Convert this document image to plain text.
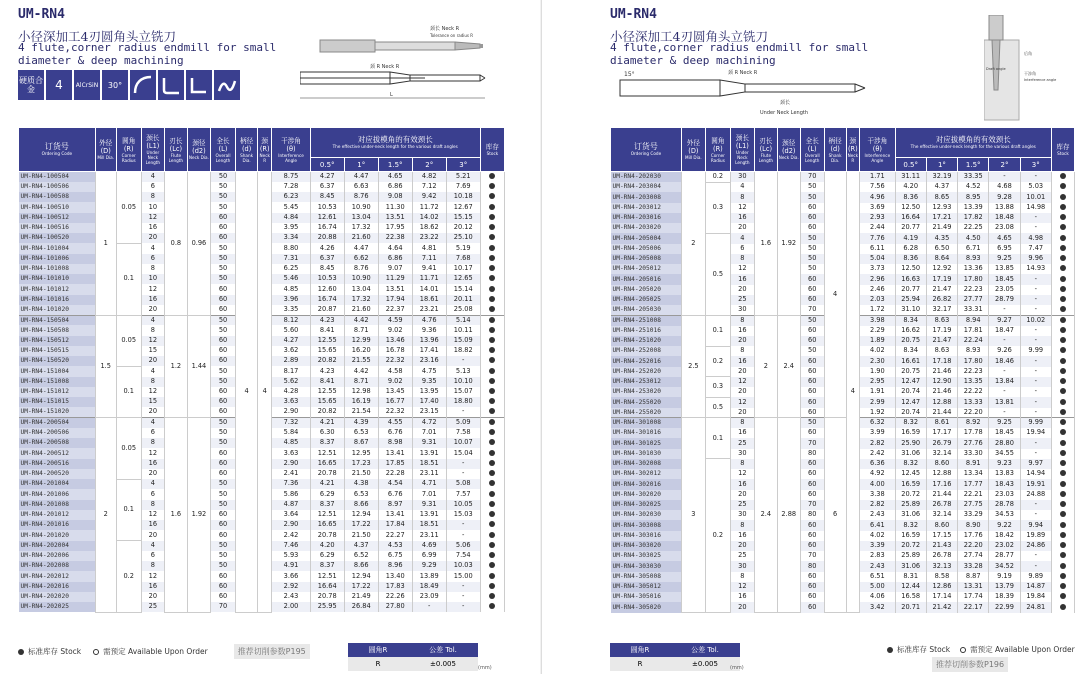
UM-RN4
小径深加工4刃圆角头立铣刀
4 flute,corner radius endmill for small
diameter & deep machining
硬质合金	4	AlCrSiN	30°
颈 R Neck R
颈长 Neck R
Tolerance on radius R
L
订货号
Ordering Code	外径
(D)
Mill Dia.	圆角
(R)
Corner Radius	颈长
(L1)
Under Neck Length	刃长
(Lc)
Flute Length	颈径
(d2)
Neck Dia.	全长
(L)
Overall Length	柄径
(d)
Shank Dia.	颈
(R)
Neck R	干涉角
(θ)
Interference Angle	对应拔模角的有效颈长
The effective under-neck length for the various draft angles					库存
Stock

										0.5°	1°	1.5°	2°	3°	
UM-RN4-100504	1	0.05	4	0.8	0.96	50	4	4	8.75	4.27	4.47	4.65	4.82	5.21	
UM-RN4-100506			6			50			7.28	6.37	6.63	6.86	7.12	7.69	
UM-RN4-100508			8			50			6.23	8.45	8.76	9.08	9.42	10.18	
UM-RN4-100510			10			50			5.45	10.53	10.90	11.30	11.72	12.67	
UM-RN4-100512			12			60			4.84	12.61	13.04	13.51	14.02	15.15	
UM-RN4-100516			16			60			3.95	16.74	17.32	17.95	18.62	20.12	
UM-RN4-100520			20			60			3.34	20.88	21.60	22.38	23.22	25.10	
UM-RN4-101004		0.1	4			50			8.80	4.26	4.47	4.64	4.81	5.19	
UM-RN4-101006			6			50			7.31	6.37	6.62	6.86	7.11	7.68	
UM-RN4-101008			8			50			6.25	8.45	8.76	9.07	9.41	10.17	
UM-RN4-101010			10			50			5.46	10.53	10.90	11.29	11.71	12.65	
UM-RN4-101012			12			60			4.85	12.60	13.04	13.51	14.01	15.14	
UM-RN4-101016			16			60			3.96	16.74	17.32	17.94	18.61	20.11	
UM-RN4-101020			20			60			3.35	20.87	21.60	22.37	23.21	25.08	
UM-RN4-150504	1.5	0.05	4	1.2	1.44	50			8.12	4.23	4.42	4.59	4.76	5.14	
UM-RN4-150508			8			50			5.60	8.41	8.71	9.02	9.36	10.11	
UM-RN4-150512			12			60			4.27	12.55	12.99	13.46	13.96	15.09	
UM-RN4-150515			15			60			3.62	15.65	16.20	16.78	17.41	18.82	
UM-RN4-150520			20			60			2.89	20.82	21.55	22.32	23.16	-	
UM-RN4-151004		0.1	4			50			8.17	4.23	4.42	4.58	4.75	5.13	
UM-RN4-151008			8			50			5.62	8.41	8.71	9.02	9.35	10.10	
UM-RN4-151012			12			60			4.28	12.55	12.98	13.45	13.95	15.07	
UM-RN4-151015			15			60			3.63	15.65	16.19	16.77	17.40	18.80	
UM-RN4-151020			20			60			2.90	20.82	21.54	22.32	23.15	-	
UM-RN4-200504	2	0.05	4	1.6	1.92	50			7.32	4.21	4.39	4.55	4.72	5.09	
UM-RN4-200506			6			50			5.84	6.30	6.53	6.76	7.01	7.58	
UM-RN4-200508			8			50			4.85	8.37	8.67	8.98	9.31	10.07	
UM-RN4-200512			12			60			3.63	12.51	12.95	13.41	13.91	15.04	
UM-RN4-200516			16			60			2.90	16.65	17.23	17.85	18.51	-	
UM-RN4-200520			20			60			2.41	20.78	21.50	22.28	23.11	-	
UM-RN4-201004		0.1	4			50			7.36	4.21	4.38	4.54	4.71	5.08	
UM-RN4-201006			6			50			5.86	6.29	6.53	6.76	7.01	7.57	
UM-RN4-201008			8			50			4.87	8.37	8.66	8.97	9.31	10.05	
UM-RN4-201012			12			60			3.64	12.51	12.94	13.41	13.91	15.03	
UM-RN4-201016			16			60			2.90	16.65	17.22	17.84	18.51	-	
UM-RN4-201020			20			60			2.42	20.78	21.50	22.27	23.11	-	
UM-RN4-202004		0.2	4			50			7.46	4.20	4.37	4.53	4.69	5.06	
UM-RN4-202006			6			50			5.93	6.29	6.52	6.75	6.99	7.54	
UM-RN4-202008			8			50			4.91	8.37	8.66	8.96	9.29	10.03	
UM-RN4-202012			12			60			3.66	12.51	12.94	13.40	13.89	15.00	
UM-RN4-202016			16			60			2.92	16.64	17.22	17.83	18.49	-	
UM-RN4-202020			20			60			2.43	20.78	21.49	22.26	23.09	-	
UM-RN4-202025			25			70			2.00	25.95	26.84	27.80	-	-	
标准库存 Stock	需预定 Available Upon Order	推荐切削参数P195	圆角R	公差 Tol.
R	±0.005	(mm)
UM-RN4
小径深加工4刃圆角头立铣刀
4 flute,corner radius endmill for small
diameter & deep machining
15°	颈 R Neck R
颈长
Under Neck Length
后角
干涉角
Interference angle
Draft angle
订货号
Ordering Code	外径
(D)
Mill Dia.	圆角
(R)
Corner Radius	颈长
(L1)
Under Neck Length	刃长
(Lc)
Flute Length	颈径
(d2)
Neck Dia.	全长
(L)
Overall Length	柄径
(d)
Shank Dia.	颈
(R)
Neck R	干涉角
(θ)
Interference Angle	对应拔模角的有效颈长
The effective under-neck length for the various draft angles					库存
Stock

										0.5°	1°	1.5°	2°	3°	
UM-RN4-202030	2	0.2	30	1.6	1.92	70	4	4	1.71	31.11	32.19	33.35	-	-	
UM-RN4-203004		0.3	4			50			7.56	4.20	4.37	4.52	4.68	5.03	
UM-RN4-203008			8			50			4.96	8.36	8.65	8.95	9.28	10.01	
UM-RN4-203012			12			60			3.69	12.50	12.93	13.39	13.88	14.98	
UM-RN4-203016			16			60			2.93	16.64	17.21	17.82	18.48	-	
UM-RN4-203020			20			60			2.44	20.77	21.49	22.25	23.08	-	
UM-RN4-205004		0.5	4			50			7.76	4.19	4.35	4.50	4.65	4.98	
UM-RN4-205006			6			50			6.11	6.28	6.50	6.71	6.95	7.47	
UM-RN4-205008			8			50			5.04	8.36	8.64	8.93	9.25	9.96	
UM-RN4-205012			12			50			3.73	12.50	12.92	13.36	13.85	14.93	
UM-RN4-205016			16			60			2.96	16.63	17.19	17.80	18.45	-	
UM-RN4-205020			20			60			2.46	20.77	21.47	22.23	23.05	-	
UM-RN4-205025			25			60			2.03	25.94	26.82	27.77	28.79	-	
UM-RN4-205030			30			70			1.72	31.10	32.17	33.31	-	-	
UM-RN4-251008	2.5	0.1	8	2	2.4	50			3.98	8.34	8.63	8.94	9.27	10.02	
UM-RN4-251016			16			60			2.29	16.62	17.19	17.81	18.47	-	
UM-RN4-251020			20			60			1.89	20.75	21.47	22.24	-	-	
UM-RN4-252008		0.2	8			50			4.02	8.34	8.63	8.93	9.26	9.99	
UM-RN4-252016			16			60			2.30	16.61	17.18	17.80	18.46	-	
UM-RN4-252020			20			60			1.90	20.75	21.46	22.23	-	-	
UM-RN4-253012		0.3	12			60			2.95	12.47	12.90	13.35	13.84	-	
UM-RN4-253020			20			60			1.91	20.74	21.46	22.22	-	-	
UM-RN4-255020		0.5	12			60			2.99	12.47	12.88	13.33	13.81	-	
UM-RN4-255020			20			60			1.92	20.74	21.44	22.20	-	-	
UM-RN4-301008	3	0.1	8	2.4	2.88	50	6		6.32	8.32	8.61	8.92	9.25	9.99	
UM-RN4-301016			16			60			3.99	16.59	17.17	17.78	18.45	19.94	
UM-RN4-301025			25			70			2.82	25.90	26.79	27.76	28.80	-	
UM-RN4-301030			30			80			2.42	31.06	32.14	33.30	34.55	-	
UM-RN4-302008		0.2	8			60			6.36	8.32	8.60	8.91	9.23	9.97	
UM-RN4-302012			12			60			4.92	12.45	12.88	13.34	13.83	14.94	
UM-RN4-302016			16			60			4.00	16.59	17.16	17.77	18.43	19.91	
UM-RN4-302020			20			60			3.38	20.72	21.44	22.21	23.03	24.88	
UM-RN4-302025			25			70			2.82	25.89	26.78	27.75	28.78	-	
UM-RN4-302030			30			80			2.43	31.06	32.14	33.29	34.53	-	
UM-RN4-303008			8			60			6.41	8.32	8.60	8.90	9.22	9.94	
UM-RN4-303016			16			60			4.02	16.59	17.15	17.76	18.42	19.89	
UM-RN4-303020			20			60			3.39	20.72	21.43	22.20	23.02	24.86	
UM-RN4-303025			25			70			2.83	25.89	26.78	27.74	28.77	-	
UM-RN4-303030			30			80			2.43	31.06	32.13	33.28	34.52	-	
UM-RN4-305008			8			60			6.51	8.31	8.58	8.87	9.19	9.89	
UM-RN4-305012			12			60			5.00	12.44	12.86	13.31	13.79	14.87	
UM-RN4-305016			16			60			4.06	16.58	17.14	17.74	18.39	19.84	
UM-RN4-305020			20			60			3.42	20.71	21.42	22.17	22.99	24.81	
圆角R	公差 Tol.
R	±0.005 (mm)
标准库存 Stock	需预定 Available Upon Order
推荐切削参数P196
